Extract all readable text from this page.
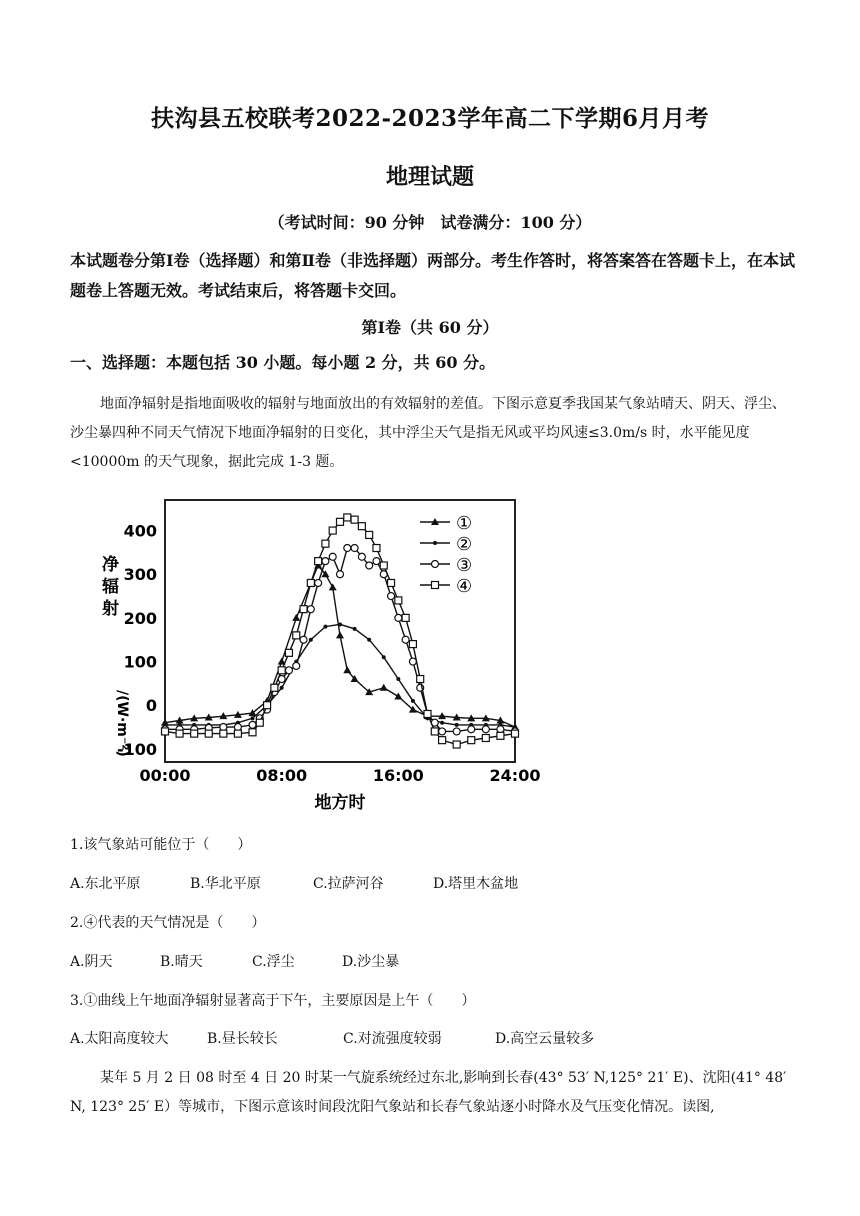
扶沟县五校联考2022-2023学年高二下学期6月月考
地理试题
（考试时间：90 分钟　试卷满分：100 分）
本试题卷分第Ⅰ卷（选择题）和第Ⅱ卷（非选择题）两部分。考生作答时，将答案答在答题卡上，在本试题卷上答题无效。考试结束后，将答题卡交回。
第Ⅰ卷（共 60 分）
一、选择题：本题包括 30 小题。每小题 2 分，共 60 分。
地面净辐射是指地面吸收的辐射与地面放出的有效辐射的差值。下图示意夏季我国某气象站晴天、阴天、浮尘、沙尘暴四种不同天气情况下地面净辐射的日变化，其中浮尘天气是指无风或平均风速≤3.0m/s 时，水平能见度<10000m 的天气现象，据此完成 1-3 题。
-100
0
100
200
300
400
00:00	08:00	16:00	24:00
①
②
③
④
净辐射
地方时
/(W·m⁻²)
1.该气象站可能位于（　　）
A.东北平原	B.华北平原	C.拉萨河谷	D.塔里木盆地
2.④代表的天气情况是（　　）
A.阴天	B.晴天	C.浮尘	D.沙尘暴
3.①曲线上午地面净辐射显著高于下午，主要原因是上午（　　）
A.太阳高度较大	B.昼长较长	C.对流强度较弱	D.高空云量较多
某年 5 月 2 日 08 时至 4 日 20 时某一气旋系统经过东北,影响到长春(43° 53′ N,125° 21′ E)、沈阳(41° 48′ N, 123° 25′ E）等城市，下图示意该时间段沈阳气象站和长春气象站逐小时降水及气压变化情况。读图,
